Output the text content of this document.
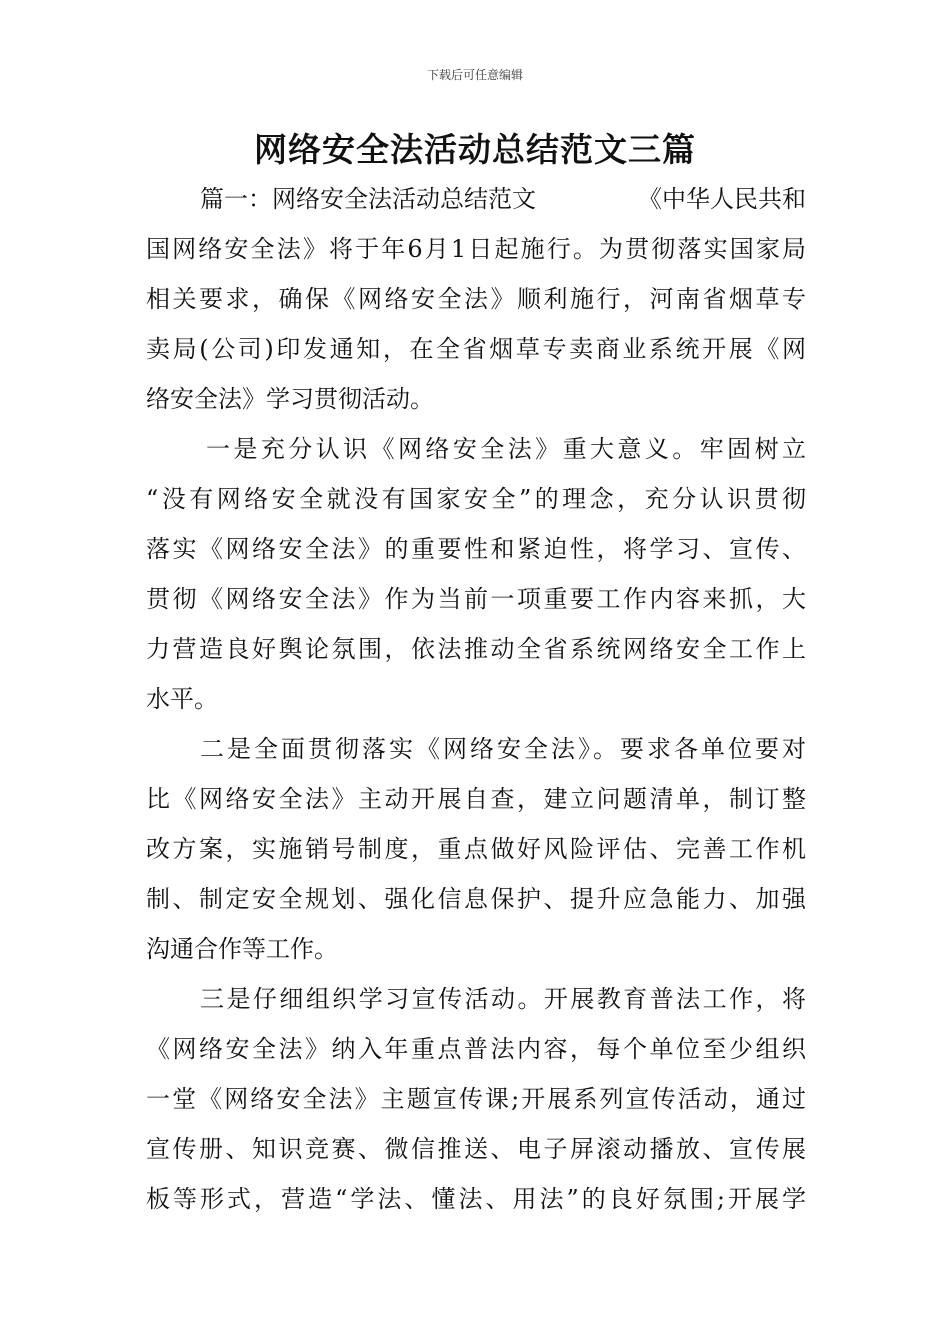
下载后可任意编辑
网络安全法活动总结范文三篇
篇一：网络安全法活动总结范文	《中华人民共和
国网络安全法》将于年6月1日起施行。为贯彻落实国家局
相关要求，确保《网络安全法》顺利施行，河南省烟草专
卖局(公司)印发通知，在全省烟草专卖商业系统开展《网
络安全法》学习贯彻活动。
一是充分认识《网络安全法》重大意义。牢固树立
“没有网络安全就没有国家安全”的理念，充分认识贯彻
落实《网络安全法》的重要性和紧迫性，将学习、宣传、
贯彻《网络安全法》作为当前一项重要工作内容来抓，大
力营造良好舆论氛围，依法推动全省系统网络安全工作上
水平。
二是全面贯彻落实《网络安全法》。要求各单位要对
比《网络安全法》主动开展自查，建立问题清单，制订整
改方案，实施销号制度，重点做好风险评估、完善工作机
制、制定安全规划、强化信息保护、提升应急能力、加强
沟通合作等工作。
三是仔细组织学习宣传活动。开展教育普法工作，将
《网络安全法》纳入年重点普法内容，每个单位至少组织
一堂《网络安全法》主题宣传课;开展系列宣传活动，通过
宣传册、知识竞赛、微信推送、电子屏滚动播放、宣传展
板等形式，营造“学法、懂法、用法”的良好氛围;开展学
